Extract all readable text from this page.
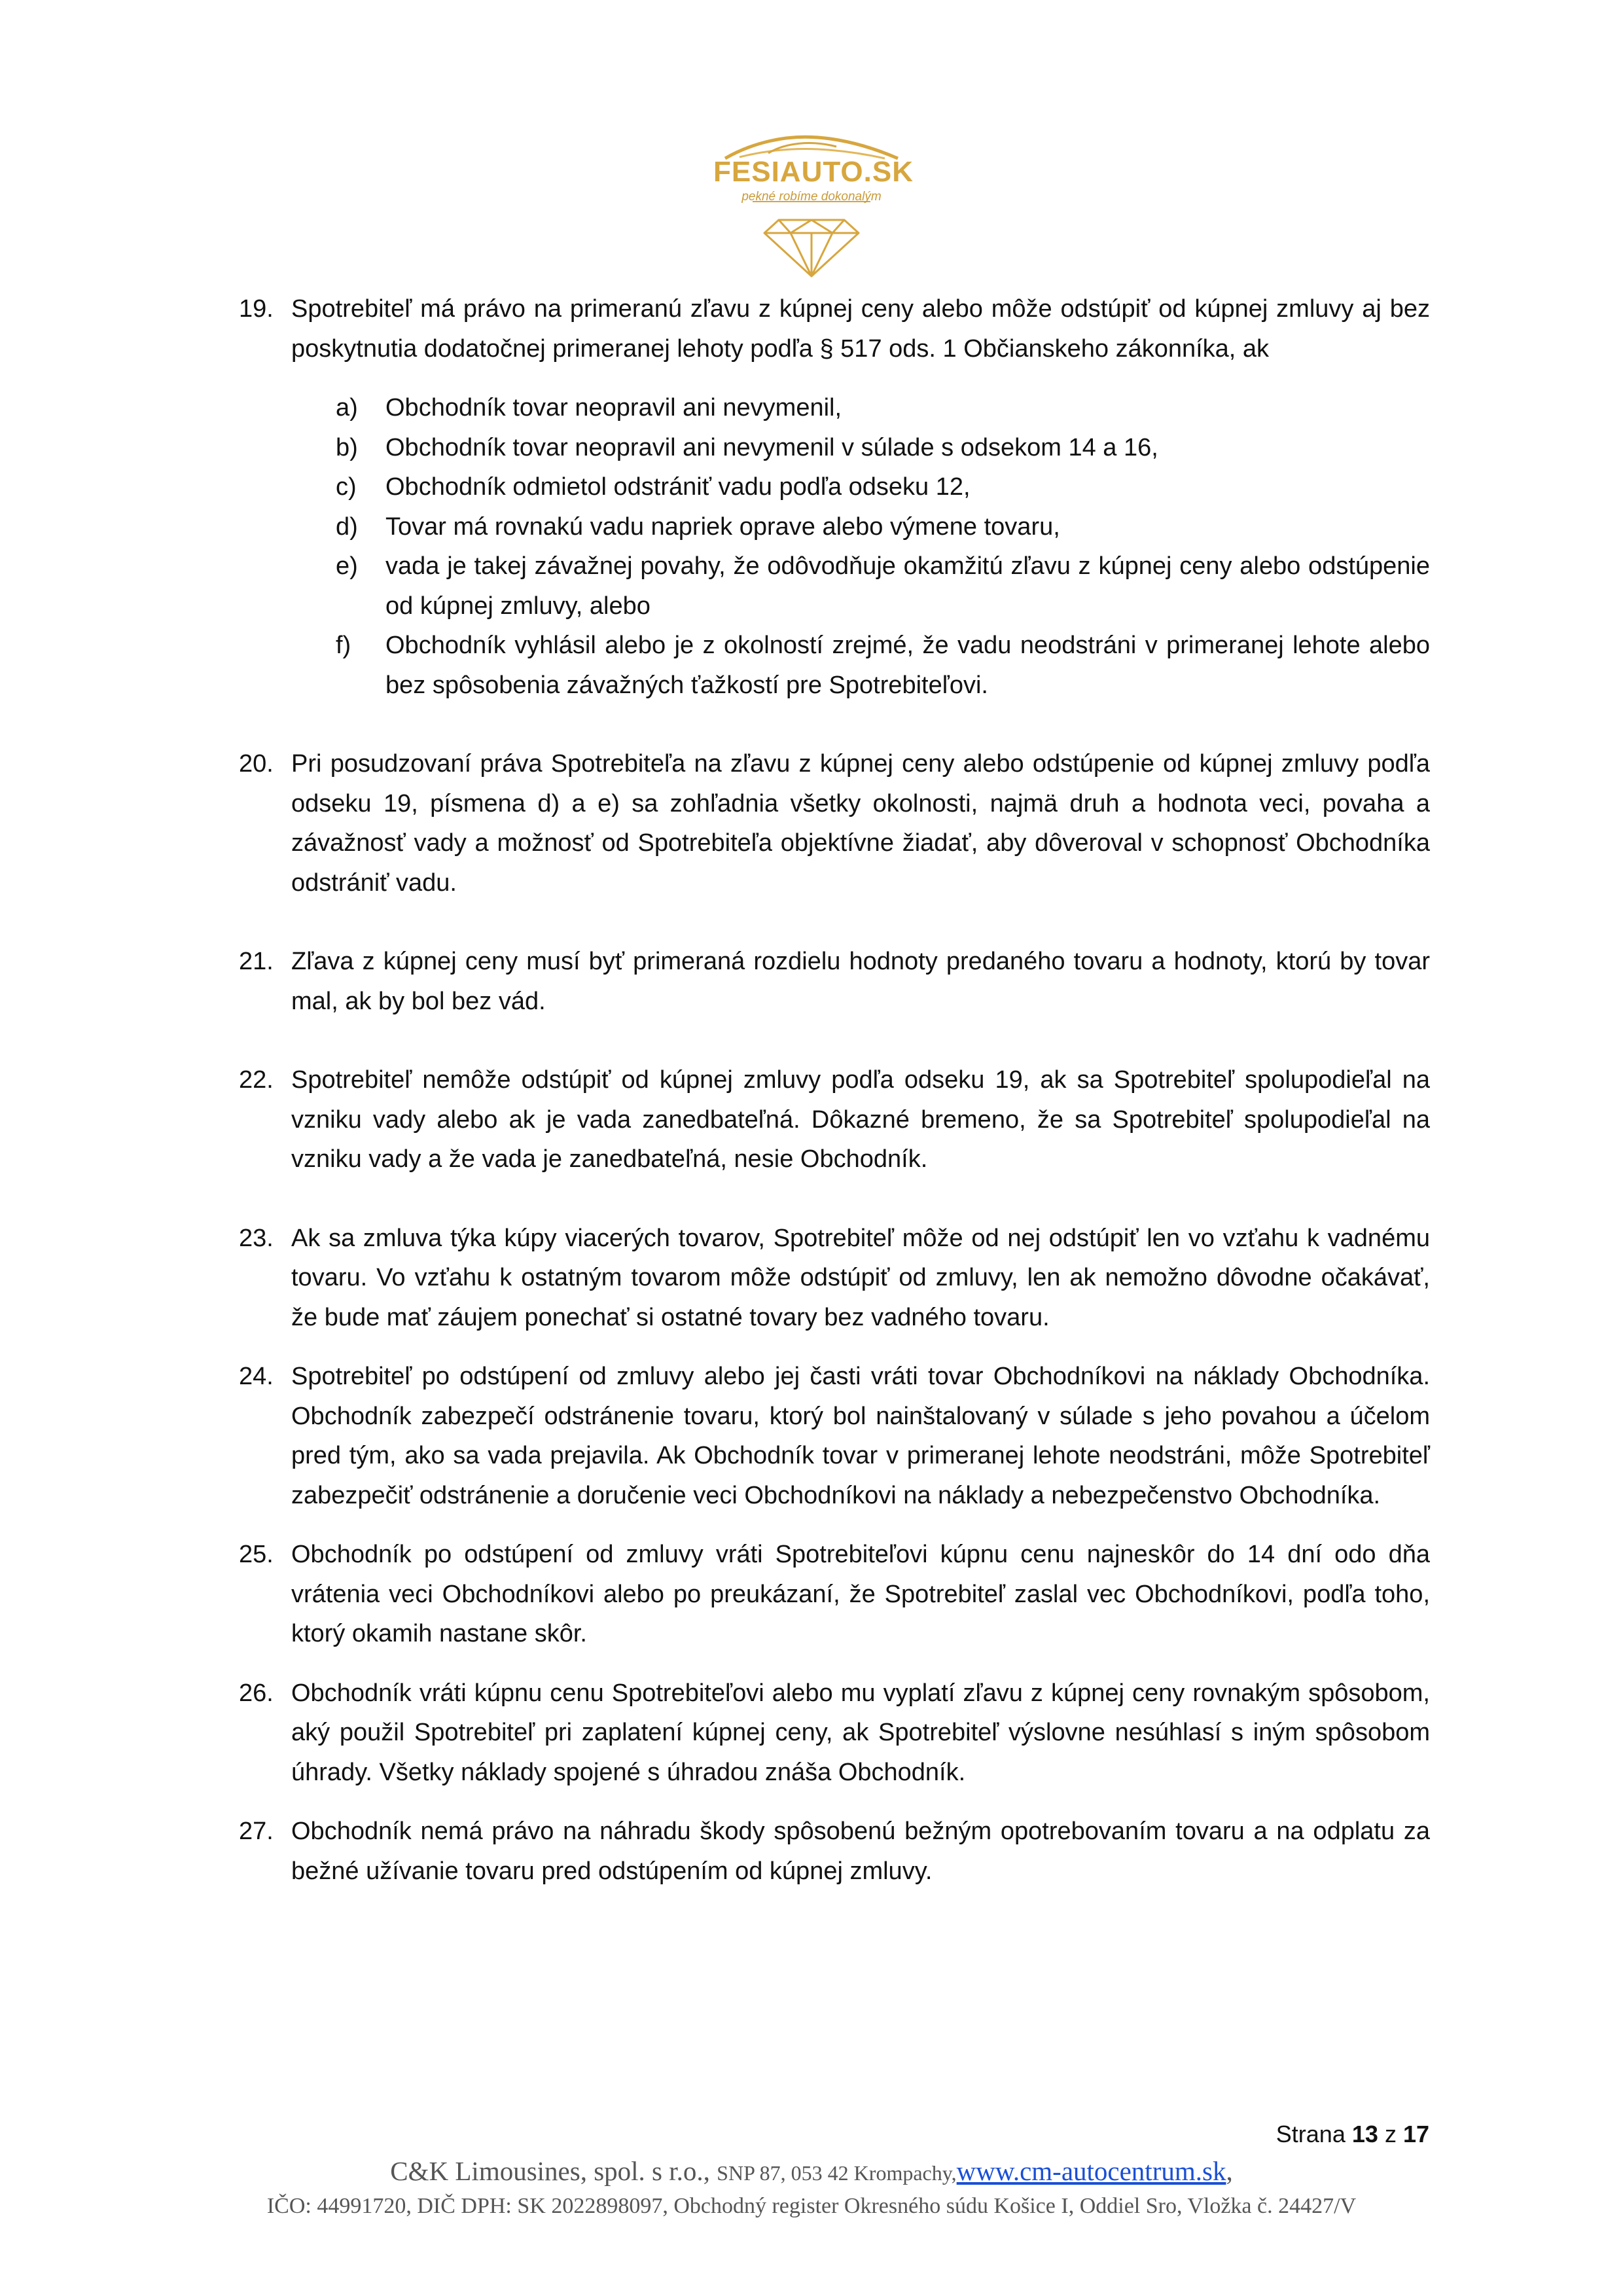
FESIAUTO.SK
pekné robíme dokonalým
19. Spotrebiteľ má právo na primeranú zľavu z kúpnej ceny alebo môže odstúpiť od kúpnej zmluvy aj bez poskytnutia dodatočnej primeranej lehoty podľa § 517 ods. 1 Občianskeho zákonníka, ak
a) Obchodník tovar neopravil ani nevymenil,
b) Obchodník tovar neopravil ani nevymenil v súlade s odsekom 14 a 16,
c) Obchodník odmietol odstrániť vadu podľa odseku 12,
d) Tovar má rovnakú vadu napriek oprave alebo výmene tovaru,
e) vada je takej závažnej povahy, že odôvodňuje okamžitú zľavu z kúpnej ceny alebo odstúpenie od kúpnej zmluvy, alebo
f) Obchodník vyhlásil alebo je z okolností zrejmé, že vadu neodstráni v primeranej lehote alebo bez spôsobenia závažných ťažkostí pre Spotrebiteľovi.
20. Pri posudzovaní práva Spotrebiteľa na zľavu z kúpnej ceny alebo odstúpenie od kúpnej zmluvy podľa odseku 19, písmena d) a e) sa zohľadnia všetky okolnosti, najmä druh a hodnota veci, povaha a závažnosť vady a možnosť od Spotrebiteľa objektívne žiadať, aby dôveroval v schopnosť Obchodníka odstrániť vadu.
21. Zľava z kúpnej ceny musí byť primeraná rozdielu hodnoty predaného tovaru a hodnoty, ktorú by tovar mal, ak by bol bez vád.
22. Spotrebiteľ nemôže odstúpiť od kúpnej zmluvy podľa odseku 19, ak sa Spotrebiteľ spolupodieľal na vzniku vady alebo ak je vada zanedbateľná. Dôkazné bremeno, že sa Spotrebiteľ spolupodieľal na vzniku vady a že vada je zanedbateľná, nesie Obchodník.
23. Ak sa zmluva týka kúpy viacerých tovarov, Spotrebiteľ môže od nej odstúpiť len vo vzťahu k vadnému tovaru. Vo vzťahu k ostatným tovarom môže odstúpiť od zmluvy, len ak nemožno dôvodne očakávať, že bude mať záujem ponechať si ostatné tovary bez vadného tovaru.
24. Spotrebiteľ po odstúpení od zmluvy alebo jej časti vráti tovar Obchodníkovi na náklady Obchodníka. Obchodník zabezpečí odstránenie tovaru, ktorý bol nainštalovaný v súlade s jeho povahou a účelom pred tým, ako sa vada prejavila. Ak Obchodník tovar v primeranej lehote neodstráni, môže Spotrebiteľ zabezpečiť odstránenie a doručenie veci Obchodníkovi na náklady a nebezpečenstvo Obchodníka.
25. Obchodník po odstúpení od zmluvy vráti Spotrebiteľovi kúpnu cenu najneskôr do 14 dní odo dňa vrátenia veci Obchodníkovi alebo po preukázaní, že Spotrebiteľ zaslal vec Obchodníkovi, podľa toho, ktorý okamih nastane skôr.
26. Obchodník vráti kúpnu cenu Spotrebiteľovi alebo mu vyplatí zľavu z kúpnej ceny rovnakým spôsobom, aký použil Spotrebiteľ pri zaplatení kúpnej ceny, ak Spotrebiteľ výslovne nesúhlasí s iným spôsobom úhrady. Všetky náklady spojené s úhradou znáša Obchodník.
27. Obchodník nemá právo na náhradu škody spôsobenú bežným opotrebovaním tovaru a na odplatu za bežné užívanie tovaru pred odstúpením od kúpnej zmluvy.
Strana 13 z 17
C&K Limousines, spol. s r.o., SNP 87, 053 42 Krompachy,www.cm-autocentrum.sk,
IČO: 44991720, DIČ DPH: SK 2022898097, Obchodný register Okresného súdu Košice I, Oddiel Sro, Vložka č. 24427/V
